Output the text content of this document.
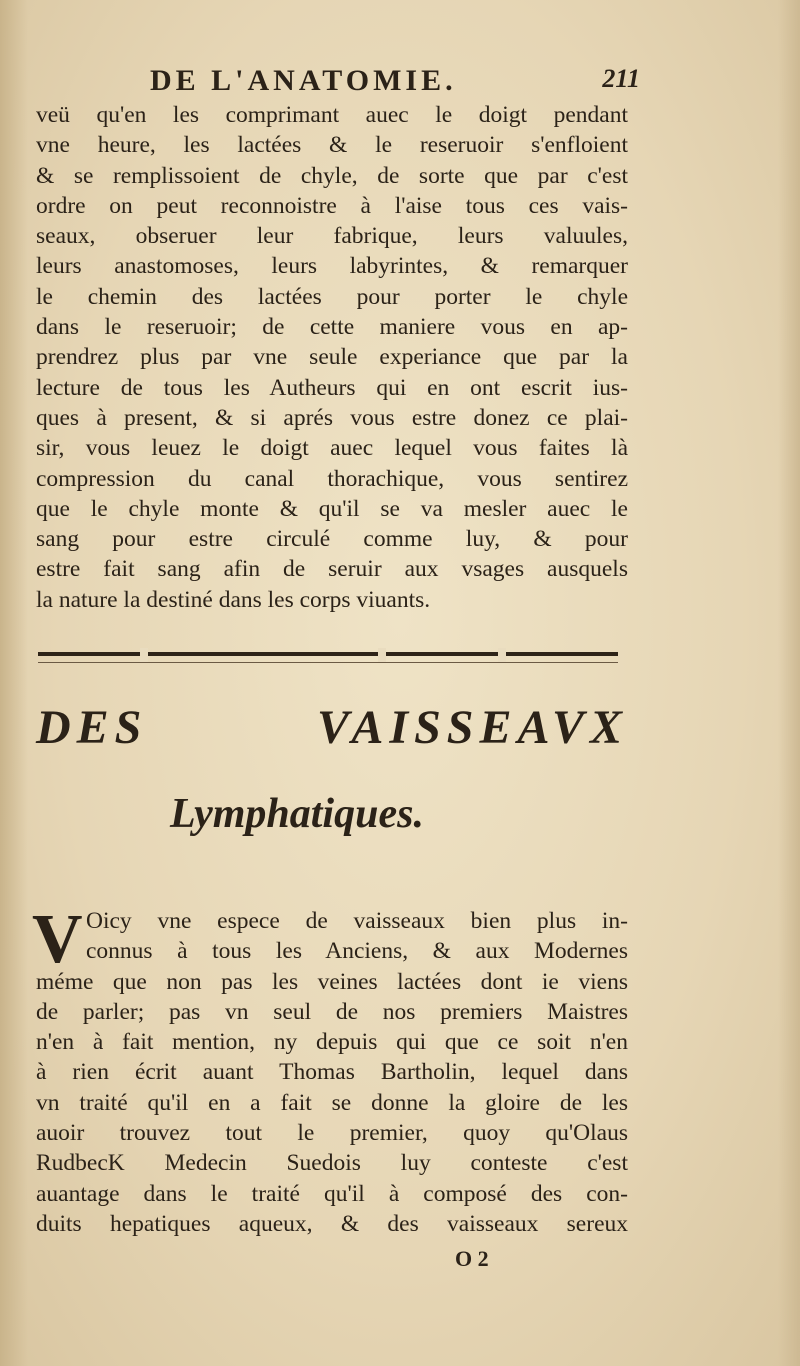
DE L'ANATOMIE.	211
veü qu'en les comprimant auec le doigt pendant
vne heure, les lactées & le reseruoir s'enfloient
& se remplissoient de chyle, de sorte que par c'est
ordre on peut reconnoistre à l'aise tous ces vais-
seaux, obseruer leur fabrique, leurs valuules,
leurs anastomoses, leurs labyrintes, & remarquer
le chemin des lactées pour porter le chyle
dans le reseruoir; de cette maniere vous en ap-
prendrez plus par vne seule experiance que par la
lecture de tous les Autheurs qui en ont escrit ius-
ques à present, & si aprés vous estre donez ce plai-
sir, vous leuez le doigt auec lequel vous faites là
compression du canal thorachique, vous sentirez
que le chyle monte & qu'il se va mesler auec le
sang pour estre circulé comme luy, & pour
estre fait sang afin de seruir aux vsages ausquels
la nature la destiné dans les corps viuants.
DES	VAISSEAVX
Lymphatiques.
V Oicy vne espece de vaisseaux bien plus in-
connus à tous les Anciens, & aux Modernes
méme que non pas les veines lactées dont ie viens
de parler; pas vn seul de nos premiers Maistres
n'en à fait mention, ny depuis qui que ce soit n'en
à rien écrit auant Thomas Bartholin, lequel dans
vn traité qu'il en a fait se donne la gloire de les
auoir trouvez tout le premier, quoy qu'Olaus
RudbecK Medecin Suedois luy conteste c'est
auantage dans le traité qu'il à composé des con-
duits hepatiques aqueux, & des vaisseaux sereux
O 2
